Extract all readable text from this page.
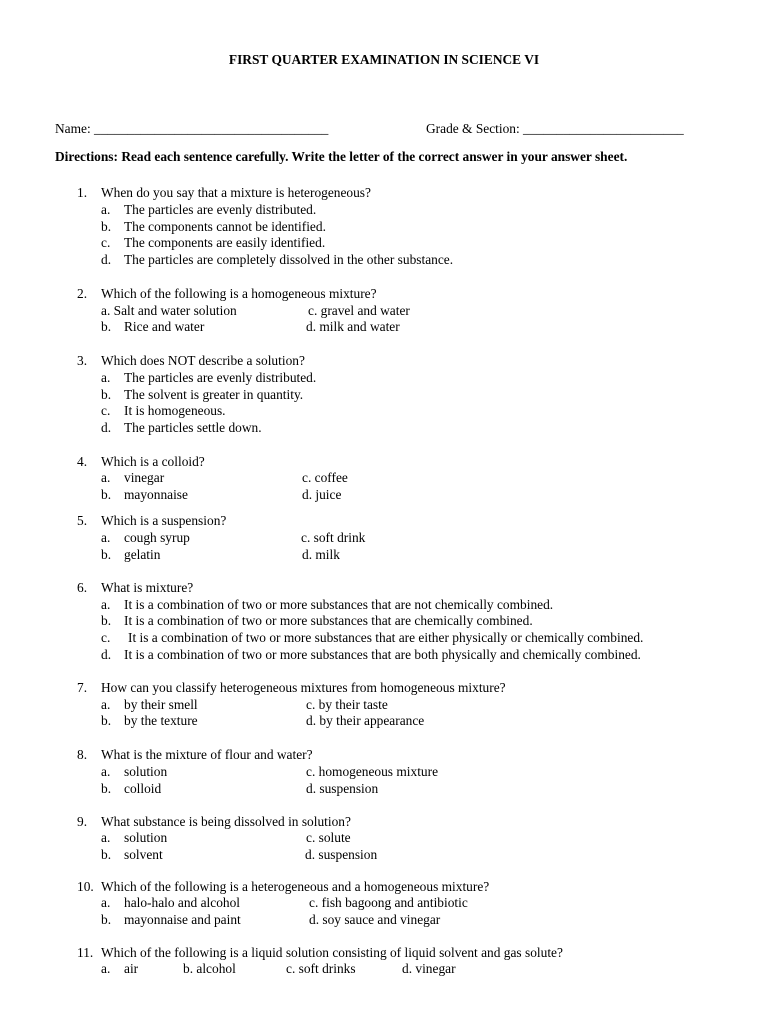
FIRST QUARTER EXAMINATION IN SCIENCE VI
Name: ___________________________________	Grade & Section: ________________________
Directions: Read each sentence carefully. Write the letter of the correct answer in your answer sheet.
1. When do you say that a mixture is heterogeneous?
a. The particles are evenly distributed.
b. The components cannot be identified.
c. The components are easily identified.
d. The particles are completely dissolved in the other substance.
2. Which of the following is a homogeneous mixture?
a. Salt and water solution	c. gravel and water
b. Rice and water	d. milk and water
3. Which does NOT describe a solution?
a. The particles are evenly distributed.
b. The solvent is greater in quantity.
c. It is homogeneous.
d. The particles settle down.
4. Which is a colloid?
a. vinegar	c. coffee
b. mayonnaise	d. juice
5. Which is a suspension?
a. cough syrup	c. soft drink
b. gelatin	d. milk
6. What is mixture?
a. It is a combination of two or more substances that are not chemically combined.
b. It is a combination of two or more substances that are chemically combined.
c. It is a combination of two or more substances that are either physically or chemically combined.
d. It is a combination of two or more substances that are both physically and chemically combined.
7. How can you classify heterogeneous mixtures from homogeneous mixture?
a. by their smell	c. by their taste
b. by the texture	d. by their appearance
8. What is the mixture of flour and water?
a. solution	c. homogeneous mixture
b. colloid	d. suspension
9. What substance is being dissolved in solution?
a. solution	c. solute
b. solvent	d. suspension
10. Which of the following is a heterogeneous and a homogeneous mixture?
a. halo-halo and alcohol	c. fish bagoong and antibiotic
b. mayonnaise and paint	d. soy sauce and vinegar
11. Which of the following is a liquid solution consisting of liquid solvent and gas solute?
a. air	b. alcohol	c. soft drinks	d. vinegar
